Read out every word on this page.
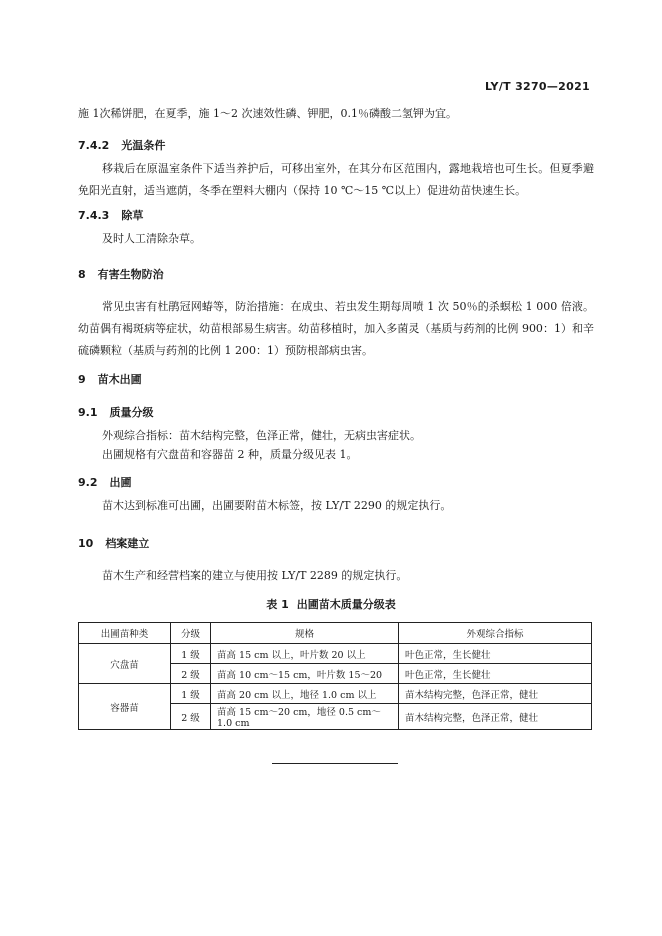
LY/T 3270—2021

施 1次稀饼肥，在夏季，施 1～2 次速效性磷、钾肥，0.1％磷酸二氢钾为宜。

7.4.2 光温条件

移栽后在原温室条件下适当养护后，可移出室外，在其分布区范围内，露地栽培也可生长。但夏季避免阳光直射，适当遮荫，冬季在塑料大棚内（保持 10 ℃～15 ℃以上）促进幼苗快速生长。

7.4.3 除草

及时人工清除杂草。

8 有害生物防治

常见虫害有杜鹃冠网蝽等，防治措施：在成虫、若虫发生期每周喷 1 次 50％的杀螟松 1 000 倍液。幼苗偶有褐斑病等症状，幼苗根部易生病害。幼苗移植时，加入多菌灵（基质与药剂的比例 900：1）和辛硫磷颗粒（基质与药剂的比例 1 200：1）预防根部病虫害。

9 苗木出圃
9.1 质量分级

外观综合指标：苗木结构完整，色泽正常，健壮，无病虫害症状。

出圃规格有穴盘苗和容器苗 2 种，质量分级见表 1。

9.2 出圃

苗木达到标准可出圃，出圃要附苗木标签，按 LY/T 2290 的规定执行。

10 档案建立

苗木生产和经营档案的建立与使用按 LY/T 2289 的规定执行。

表 1 出圃苗木质量分级表
出圃苗种类	分级	规格	外观综合指标
穴盘苗	1 级	苗高 15 cm 以上，叶片数 20 以上	叶色正常，生长健壮
	2 级	苗高 10 cm～15 cm，叶片数 15～20	叶色正常，生长健壮
容器苗	1 级	苗高 20 cm 以上，地径 1.0 cm 以上	苗木结构完整，色泽正常，健壮
	2 级	苗高 15 cm～20 cm，地径 0.5 cm～1.0 cm	苗木结构完整，色泽正常，健壮
